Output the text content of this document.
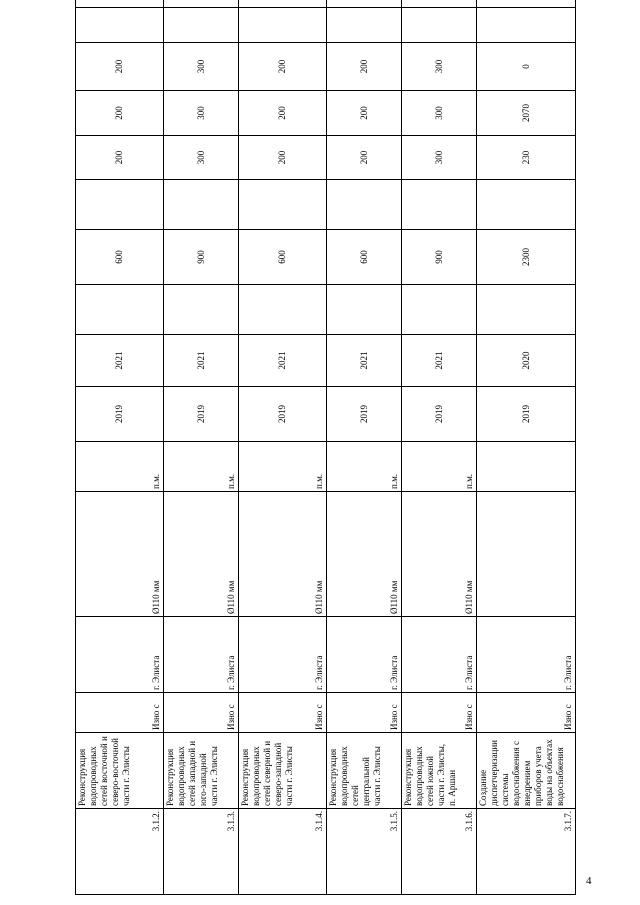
3.1.2.	Реконструкция водопроводных сетей восточной и северо-восточной части г. Элисты	Изно с	г. Элиста	Ø110 мм	п.м.	2019	2021		600		200	200	200		
3.1.3.	Реконструкция водопроводных сетей западной и юго-западной части г. Элисты	Изно с	г. Элиста	Ø110 мм	п.м.	2019	2021		900		300	300	300		
3.1.4.	Реконструкция водопроводных сетей северной и северо-западной части г. Элисты	Изно с	г. Элиста	Ø110 мм	п.м.	2019	2021		600		200	200	200		
3.1.5.	Реконструкция водопроводных сетей центральной части г. Элисты	Изно с	г. Элиста	Ø110 мм	п.м.	2019	2021		600		200	200	200		
3.1.6.	Реконструкция водопроводных сетей южной части г. Элисты, п. Аршан	Изно с	г. Элиста	Ø110 мм	п.м.	2019	2021		900		300	300	300		
3.1.7.	Создание диспетчеризации системы водоснабжения с внедрением приборов учета воды на объектах водоснабжения	Изно с	г. Элиста			2019	2020		2300		230	2070	0		
4
